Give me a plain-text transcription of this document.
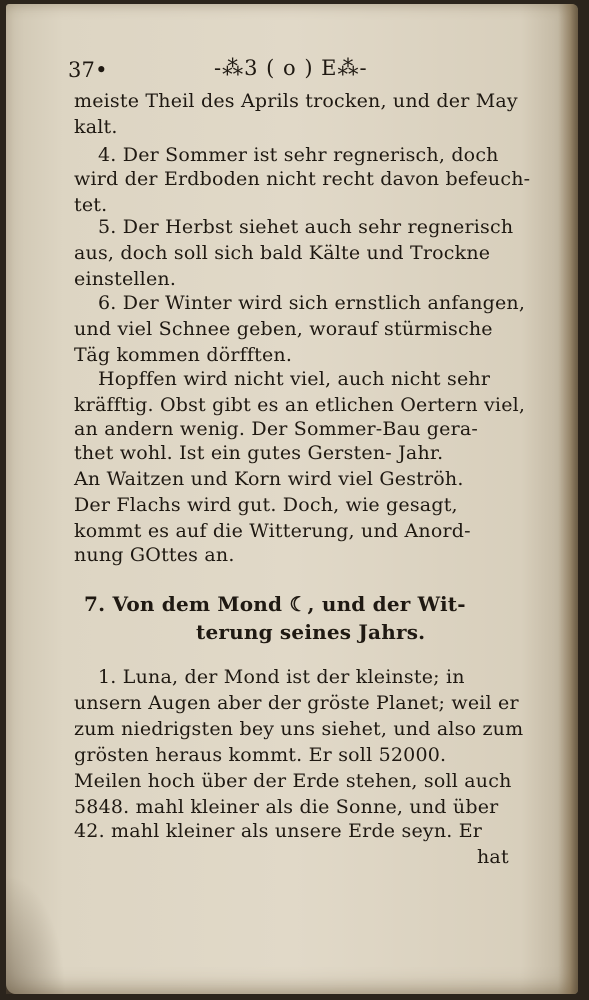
37•	-⁂3 ( o ) E⁂-
meiste Theil des Aprils trocken, und der May
kalt.
4. Der Sommer ist sehr regnerisch, doch
wird der Erdboden nicht recht davon befeuch-
tet.
5. Der Herbst siehet auch sehr regnerisch
aus, doch soll sich bald Kälte und Trockne
einstellen.
6. Der Winter wird sich ernstlich anfangen,
und viel Schnee geben, worauf stürmische
Täg kommen dörfften.
Hopffen wird nicht viel, auch nicht sehr
kräfftig. Obst gibt es an etlichen Oertern viel,
an andern wenig. Der Sommer-Bau gera-
thet wohl. Ist ein gutes Gersten- Jahr.
An Waitzen und Korn wird viel Geströh.
Der Flachs wird gut. Doch, wie gesagt,
kommt es auf die Witterung, und Anord-
nung GOttes an.
7. Von dem Mond ☾, und der Wit-
terung seines Jahrs.
1. Luna, der Mond ist der kleinste; in
unsern Augen aber der gröste Planet; weil er
zum niedrigsten bey uns siehet, und also zum
grösten heraus kommt. Er soll 52000.
Meilen hoch über der Erde stehen, soll auch
5848. mahl kleiner als die Sonne, und über
42. mahl kleiner als unsere Erde seyn. Er
hat
